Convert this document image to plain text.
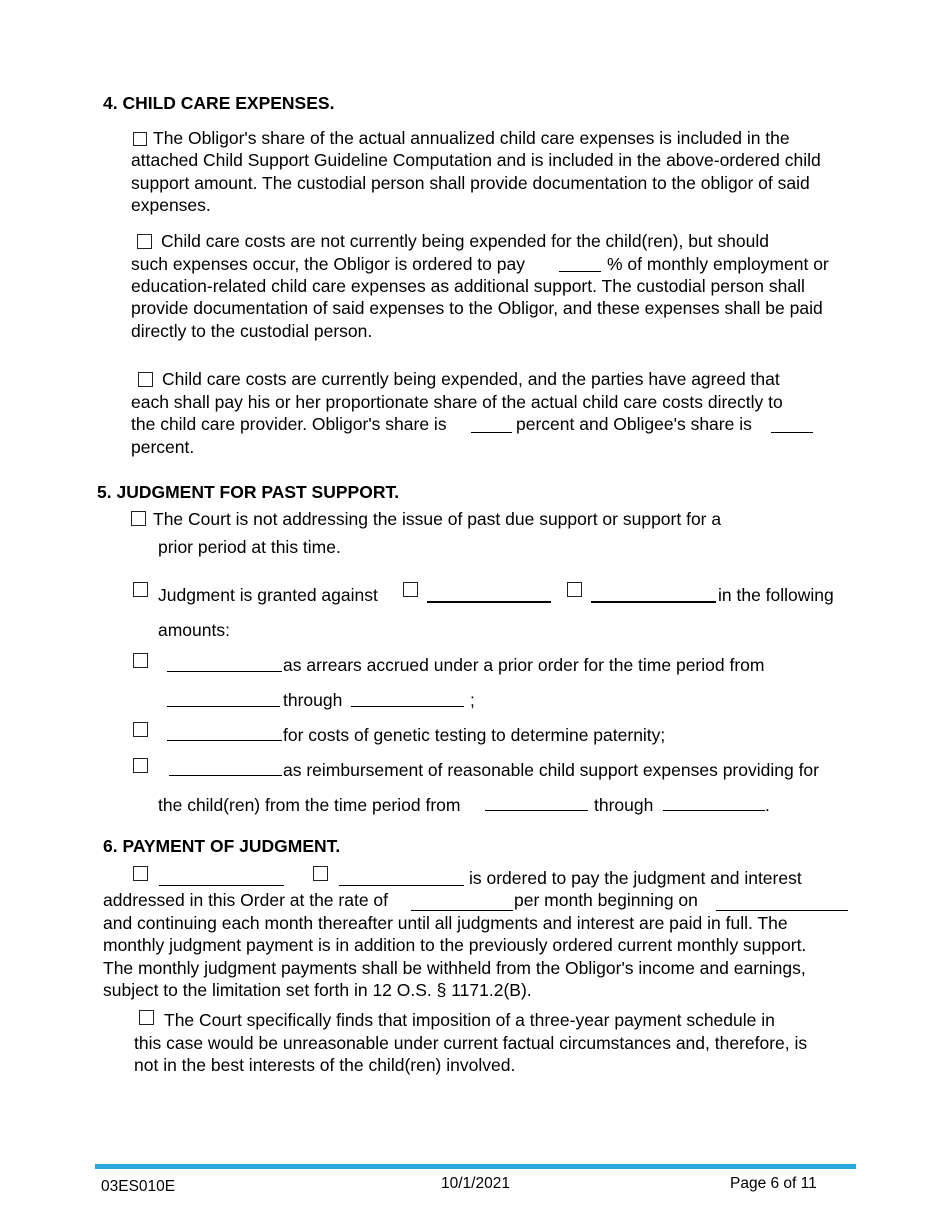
4. CHILD CARE EXPENSES.
The Obligor's share of the actual annualized child care expenses is included in the attached Child Support Guideline Computation and is included in the above-ordered child support amount. The custodial person shall provide documentation to the obligor of said expenses.
Child care costs are not currently being expended for the child(ren), but should
such expenses occur, the Obligor is ordered to pay	% of monthly employment or
education-related child care expenses as additional support. The custodial person shall provide documentation of said expenses to the Obligor, and these expenses shall be paid directly to the custodial person.
Child care costs are currently being expended, and the parties have agreed that
each shall pay his or her proportionate share of the actual child care costs directly to
the child care provider. Obligor's share is	percent and Obligee's share is
percent.
5. JUDGMENT FOR PAST SUPPORT.
The Court is not addressing the issue of past due support or support for a
prior period at this time.
Judgment is granted against	in the following
amounts:
as arrears accrued under a prior order for the time period from
through	;
for costs of genetic testing to determine paternity;
as reimbursement of reasonable child support expenses providing for
the child(ren) from the time period from	through	.
6. PAYMENT OF JUDGMENT.
is ordered to pay the judgment and interest
addressed in this Order at the rate of	per month beginning on
and continuing each month thereafter until all judgments and interest are paid in full. The
monthly judgment payment is in addition to the previously ordered current monthly support.
The monthly judgment payments shall be withheld from the Obligor's income and earnings,
subject to the limitation set forth in 12 O.S. § 1171.2(B).
The Court specifically finds that imposition of a three-year payment schedule in
this case would be unreasonable under current factual circumstances and, therefore, is
not in the best interests of the child(ren) involved.
03ES010E	10/1/2021	Page 6 of 11
